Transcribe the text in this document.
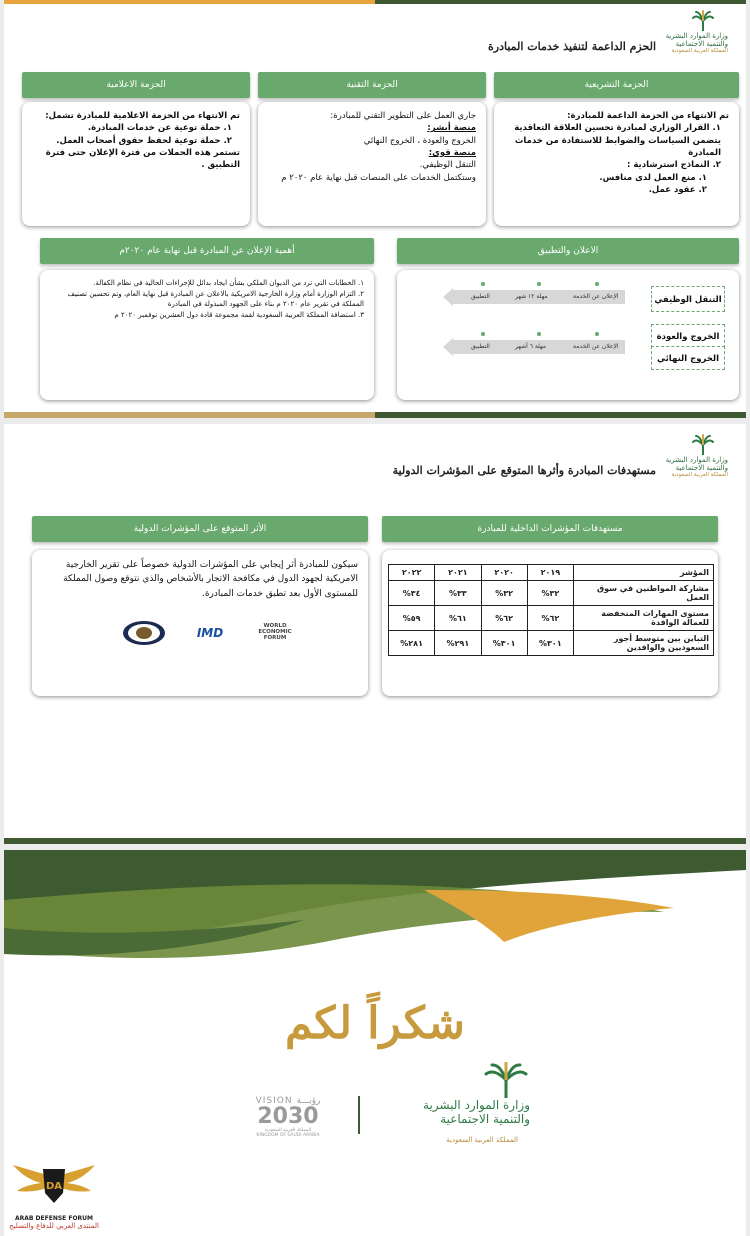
وزارة الموارد البشرية
والتنمية الاجتماعية
المملكة العربية السعودية
الحزم الداعمة لتنفيذ خدمات المبادرة
الحزمة التشريعية
الحزمة التقنية
الحزمة الاعلامية
تم الانتهاء من الحزمة الداعمة للمبادرة:
١. القرار الوزاري لمبادرة تحسين العلاقة التعاقدية يتضمن السياسات والضوابط للاستفادة من خدمات المبادرة
٢. النماذج استرشادية :
١. منع العمل لدى منافس.
٢. عقود عمل.
جاري العمل على التطوير التقني للمبادرة:
منصة أبشر:
الخروج والعودة ، الخروج النهائي
منصة قوى:
التنقل الوظيفي.
وستكتمل الخدمات على المنصات قبل نهاية عام ٢٠٢٠ م
تم الانتهاء من الحزمة الاعلامية للمبادرة تشمل:
١. حملة توعية عن خدمات المبادرة.
٢. حملة توعية لحفظ حقوق أصحاب العمل.
تستمر هذه الحملات من فترة الإعلان حتى فترة التطبيق .
الاعلان والتطبيق
أهمية الإعلان عن المبادرة قبل نهاية عام ٢٠٢٠م
التنقل الوظيفي
الإعلان عن الخدمة
مهلة ١٢ شهر
التطبيق
الخروج والعودة
الخروج النهائي
الإعلان عن الخدمة
مهلة ٦ أشهر
التطبيق
١. الخطابات التي ترد من الديوان الملكي بشأن ايجاد بدائل للإجراءات الحالية في نظام الكفالة.
٢. التزام الوزارة أمام وزارة الخارجية الامريكية بالاعلان عن المبادرة قبل نهاية العام، وتم تحسين تصنيف المملكة في تقرير عام ٢٠٢٠ م بناء على الجهود المبذولة في المبادرة
٣. استضافة المملكة العربية السعودية لقمة مجموعة قادة دول العشرين نوفمبر ٢٠٢٠ م
وزارة الموارد البشرية
والتنمية الاجتماعية
المملكة العربية السعودية
مستهدفات المبادرة وأثرها المتوقع على المؤشرات الدولية
مستهدفات المؤشرات الداخلية للمبادرة
الأثر المتوقع على المؤشرات الدولية
المؤشر	٢٠١٩	٢٠٢٠	٢٠٢١	٢٠٢٢
مشاركة المواطنين في سوق العمل	٣٢%	٣٢%	٣٣%	٣٤%
مستوى المهارات المنخفضة للعمالة الوافدة	٦٢%	٦٢%	٦١%	٥٩%
التباين بين متوسط أجور السعوديين والوافدين	٣٠١%	٣٠١%	٢٩١%	٢٨١%
سيكون للمبادرة أثر إيجابي على المؤشرات الدولية خصوصاً على تقرير الخارجية الامريكية لجهود الدول في مكافحة الاتجار بالأشخاص والذي نتوقع وصول المملكة للمستوى الأول بعد تطبق خدمات المبادرة.
IMD
WORLD
ECONOMIC
FORUM
شكراً لكم
VISION رؤيـــة
2030
المملكة العربية السعودية
KINGDOM OF SAUDI ARABIA
وزارة الموارد البشرية
والتنمية الاجتماعية
المملكة العربية السعودية
DA
ARAB DEFENSE FORUM
المنتدى العربي للدفاع والتسليح
